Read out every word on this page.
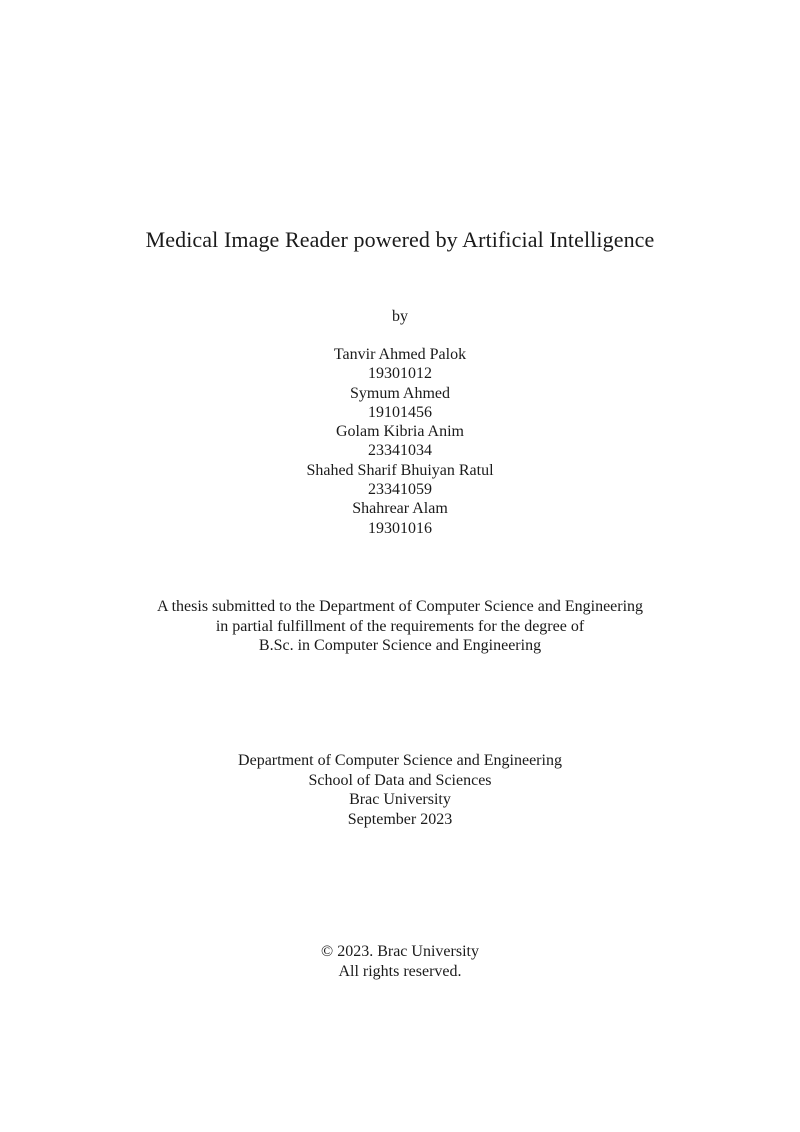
Medical Image Reader powered by Artificial Intelligence
by
Tanvir Ahmed Palok
19301012
Symum Ahmed
19101456
Golam Kibria Anim
23341034
Shahed Sharif Bhuiyan Ratul
23341059
Shahrear Alam
19301016
A thesis submitted to the Department of Computer Science and Engineering
in partial fulfillment of the requirements for the degree of
B.Sc. in Computer Science and Engineering
Department of Computer Science and Engineering
School of Data and Sciences
Brac University
September 2023
© 2023. Brac University
All rights reserved.
